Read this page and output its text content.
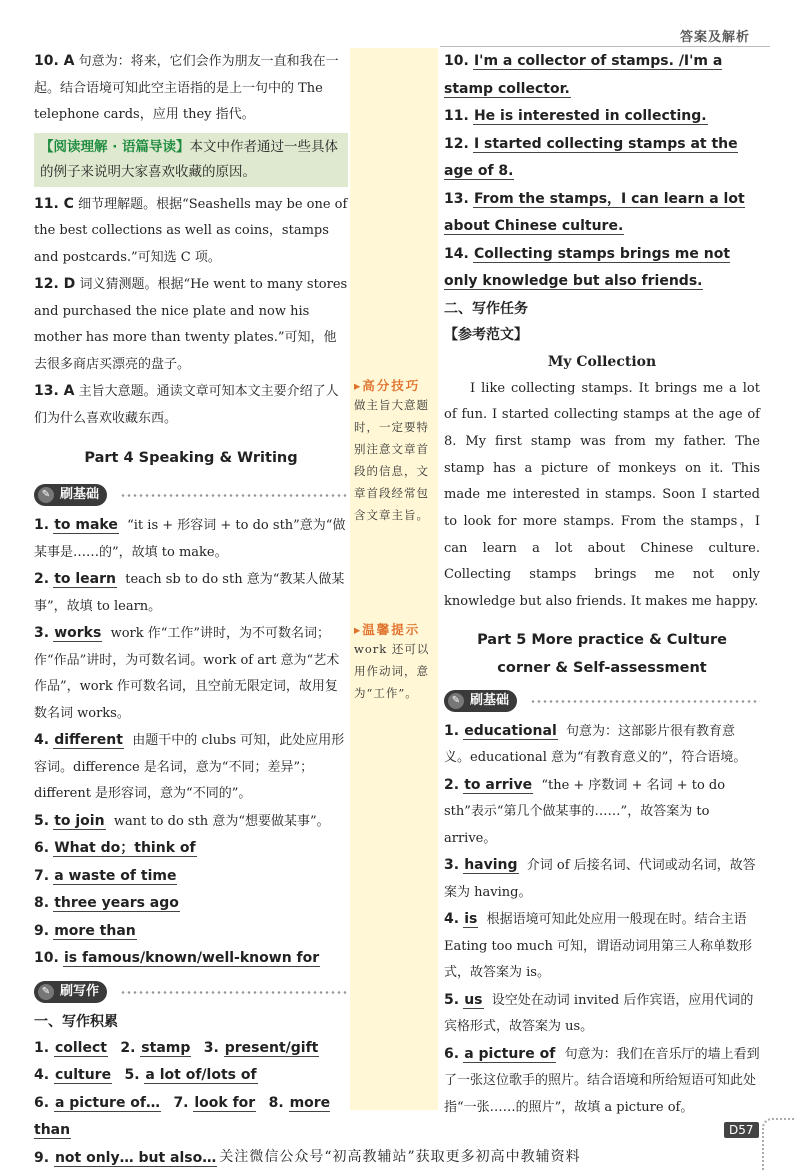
答案及解析

10. A 句意为：将来，它们会作为朋友一直和我在一起。结合语境可知此空主语指的是上一句中的 The telephone cards，应用 they 指代。

【阅读理解 · 语篇导读】本文中作者通过一些具体的例子来说明大家喜欢收藏的原因。

11. C 细节理解题。根据“Seashells may be one of the best collections as well as coins，stamps and postcards.”可知选 C 项。

12. D 词义猜测题。根据“He went to many stores and purchased the nice plate and now his mother has more than twenty plates.”可知，他去很多商店买漂亮的盘子。

13. A 主旨大意题。通读文章可知本文主要介绍了人们为什么喜欢收藏东西。

Part 4 Speaking & Writing
✎ 刷基础

1. to make “it is + 形容词 + to do sth”意为“做某事是……的”，故填 to make。

2. to learn teach sb to do sth 意为“教某人做某事”，故填 to learn。

3. works work 作“工作”讲时，为不可数名词；作“作品”讲时，为可数名词。work of art 意为“艺术作品”，work 作可数名词，且空前无限定词，故用复数名词 works。

4. different 由题干中的 clubs 可知，此处应用形容词。difference 是名词，意为“不同；差异”；different 是形容词，意为“不同的”。

5. to join want to do sth 意为“想要做某事”。

6. What do；think of

7. a waste of time

8. three years ago

9. more than

10. is famous/known/well-known for

✎ 刷写作
一、写作积累

1. collect 2. stamp 3. present/gift

4. culture 5. a lot of/lots of

6. a picture of… 7. look for 8. more than

9. not only… but also…

▸高分技巧
做主旨大意题时，一定要特别注意文章首段的信息，文章首段经常包含文章主旨。
▸温馨提示
work 还可以用作动词，意为“工作”。

10. I'm a collector of stamps. /I'm a stamp collector.

11. He is interested in collecting.

12. I started collecting stamps at the age of 8.

13. From the stamps，I can learn a lot about Chinese culture.

14. Collecting stamps brings me not only knowledge but also friends.

二、写作任务
【参考范文】
My Collection

I like collecting stamps. It brings me a lot of fun. I started collecting stamps at the age of 8. My first stamp was from my father. The stamp has a picture of monkeys on it. This made me interested in stamps. Soon I started to look for more stamps. From the stamps，I can learn a lot about Chinese culture. Collecting stamps brings me not only knowledge but also friends. It makes me happy.

Part 5 More practice & Culture
corner & Self-assessment
✎ 刷基础

1. educational 句意为：这部影片很有教育意义。educational 意为“有教育意义的”，符合语境。

2. to arrive “the + 序数词 + 名词 + to do sth”表示“第几个做某事的……”，故答案为 to arrive。

3. having 介词 of 后接名词、代词或动名词，故答案为 having。

4. is 根据语境可知此处应用一般现在时。结合主语 Eating too much 可知，谓语动词用第三人称单数形式，故答案为 is。

5. us 设空处在动词 invited 后作宾语，应用代词的宾格形式，故答案为 us。

6. a picture of 句意为：我们在音乐厅的墙上看到了一张这位歌手的照片。结合语境和所给短语可知此处指“一张……的照片”，故填 a picture of。

D57
关注微信公众号“初高教辅站”获取更多初高中教辅资料
